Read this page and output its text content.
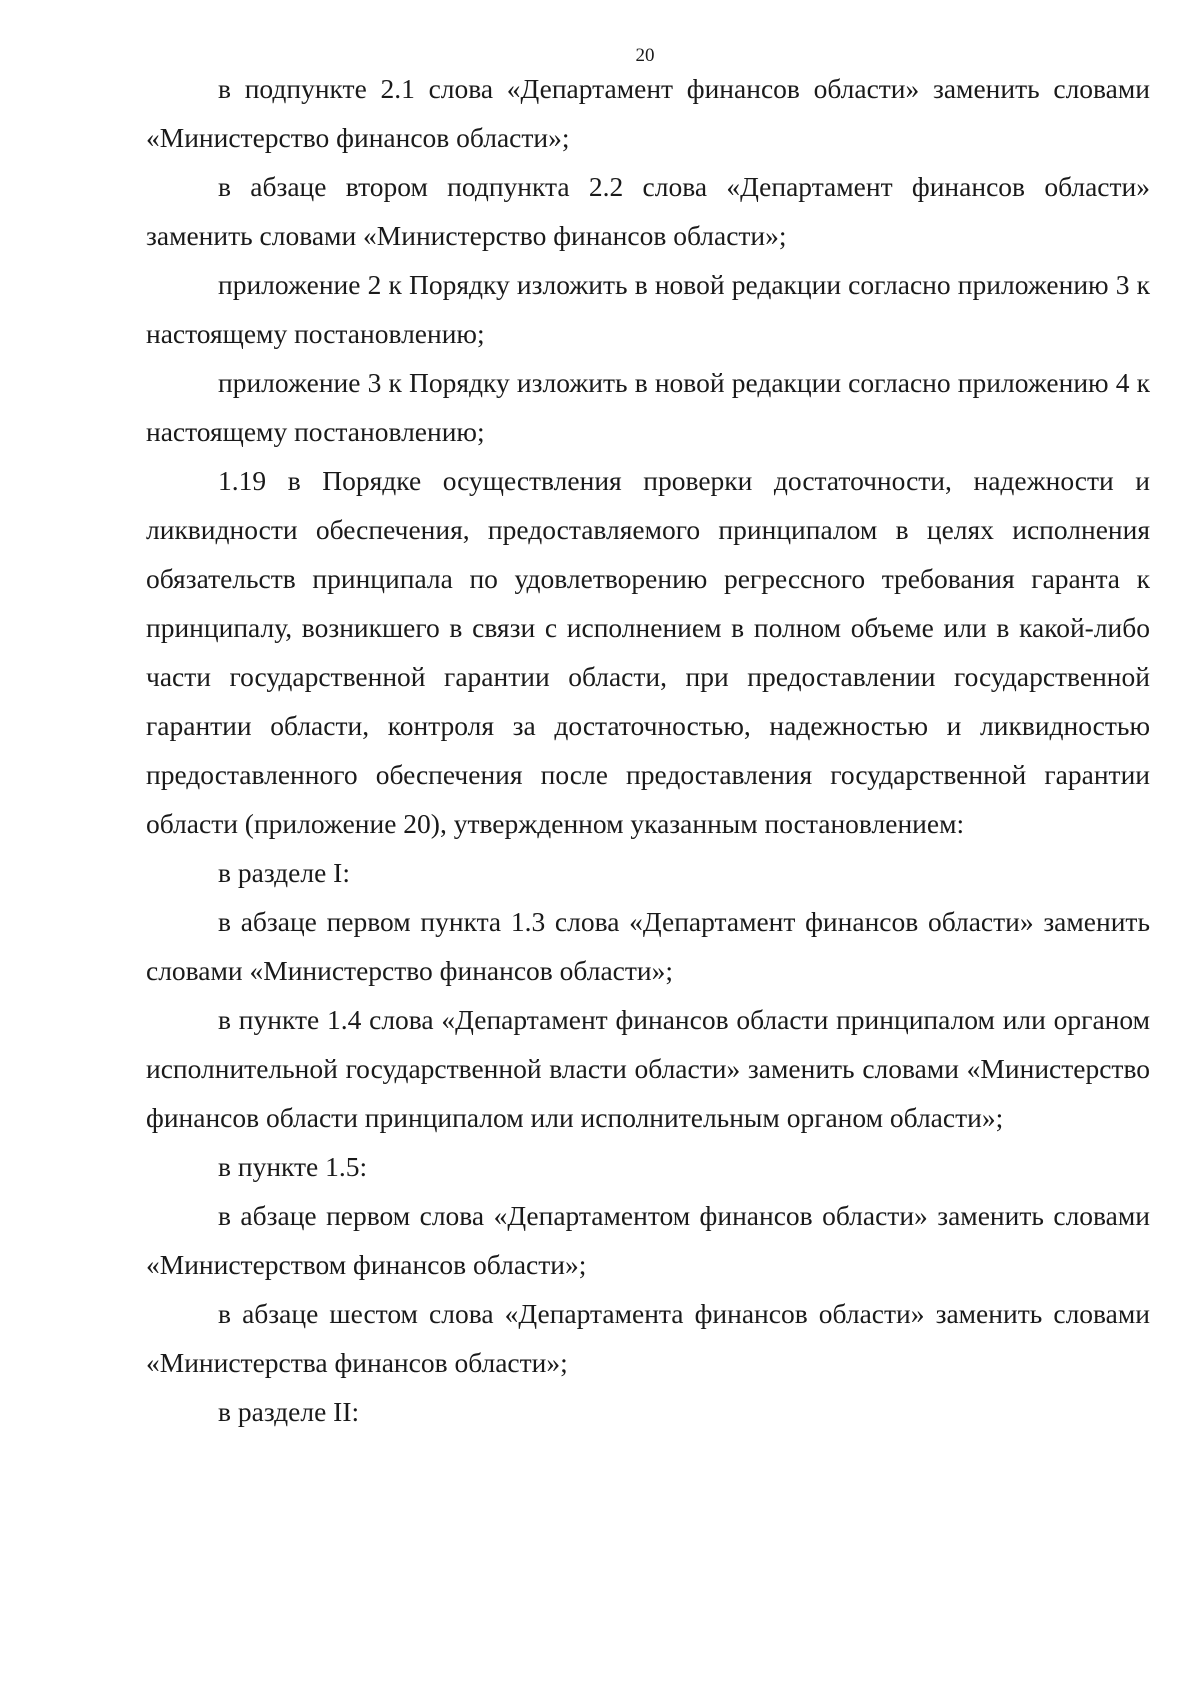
20

в подпункте 2.1 слова «Департамент финансов области» заменить словами «Министерство финансов области»;

в абзаце втором подпункта 2.2 слова «Департамент финансов области» заменить словами «Министерство финансов области»;

приложение 2 к Порядку изложить в новой редакции согласно приложению 3 к настоящему постановлению;

приложение 3 к Порядку изложить в новой редакции согласно приложению 4 к настоящему постановлению;

1.19 в Порядке осуществления проверки достаточности, надежности и ликвидности обеспечения, предоставляемого принципалом в целях исполнения обязательств принципала по удовлетворению регрессного требования гаранта к принципалу, возникшего в связи с исполнением в полном объеме или в какой-либо части государственной гарантии области, при предоставлении государственной гарантии области, контроля за достаточностью, надежностью и ликвидностью предоставленного обеспечения после предоставления государственной гарантии области (приложение 20), утвержденном указанным постановлением:

в разделе I:

в абзаце первом пункта 1.3 слова «Департамент финансов области» заменить словами «Министерство финансов области»;

в пункте 1.4 слова «Департамент финансов области принципалом или органом исполнительной государственной власти области» заменить словами «Министерство финансов области принципалом или исполнительным органом области»;

в пункте 1.5:

в абзаце первом слова «Департаментом финансов области» заменить словами «Министерством финансов области»;

в абзаце шестом слова «Департамента финансов области» заменить словами «Министерства финансов области»;

в разделе II:
